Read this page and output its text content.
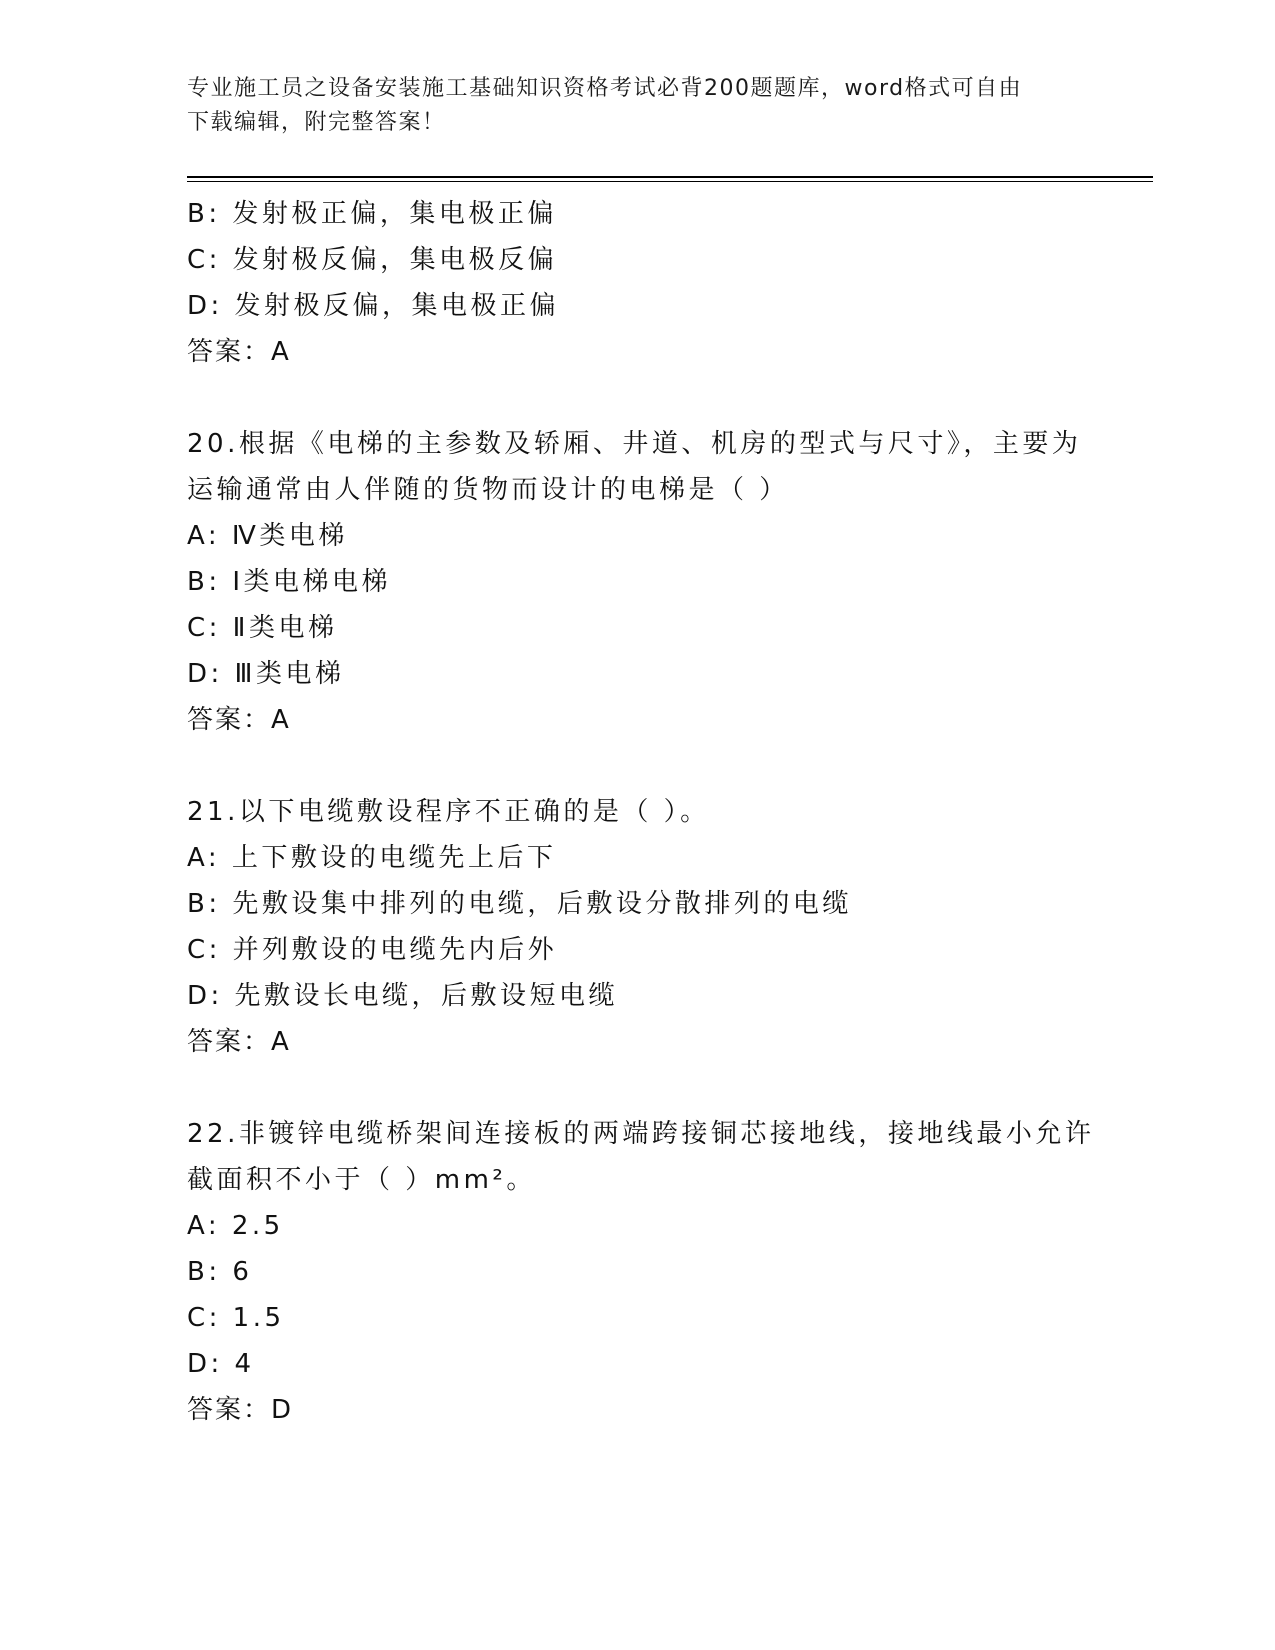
专业施工员之设备安装施工基础知识资格考试必背200题题库，word格式可自由
下载编辑，附完整答案！
B: 发射极正偏，集电极正偏
C: 发射极反偏，集电极反偏
D: 发射极反偏，集电极正偏
答案：A
20.根据《电梯的主参数及轿厢、井道、机房的型式与尺寸》，主要为
运输通常由人伴随的货物而设计的电梯是（ ）
A: Ⅳ类电梯
B: Ⅰ类电梯电梯
C: Ⅱ类电梯
D: Ⅲ类电梯
答案：A
21.以下电缆敷设程序不正确的是（ ）。
A: 上下敷设的电缆先上后下
B: 先敷设集中排列的电缆，后敷设分散排列的电缆
C: 并列敷设的电缆先内后外
D: 先敷设长电缆，后敷设短电缆
答案：A
22.非镀锌电缆桥架间连接板的两端跨接铜芯接地线，接地线最小允许
截面积不小于（ ）mm²。
A: 2.5
B: 6
C: 1.5
D: 4
答案：D
